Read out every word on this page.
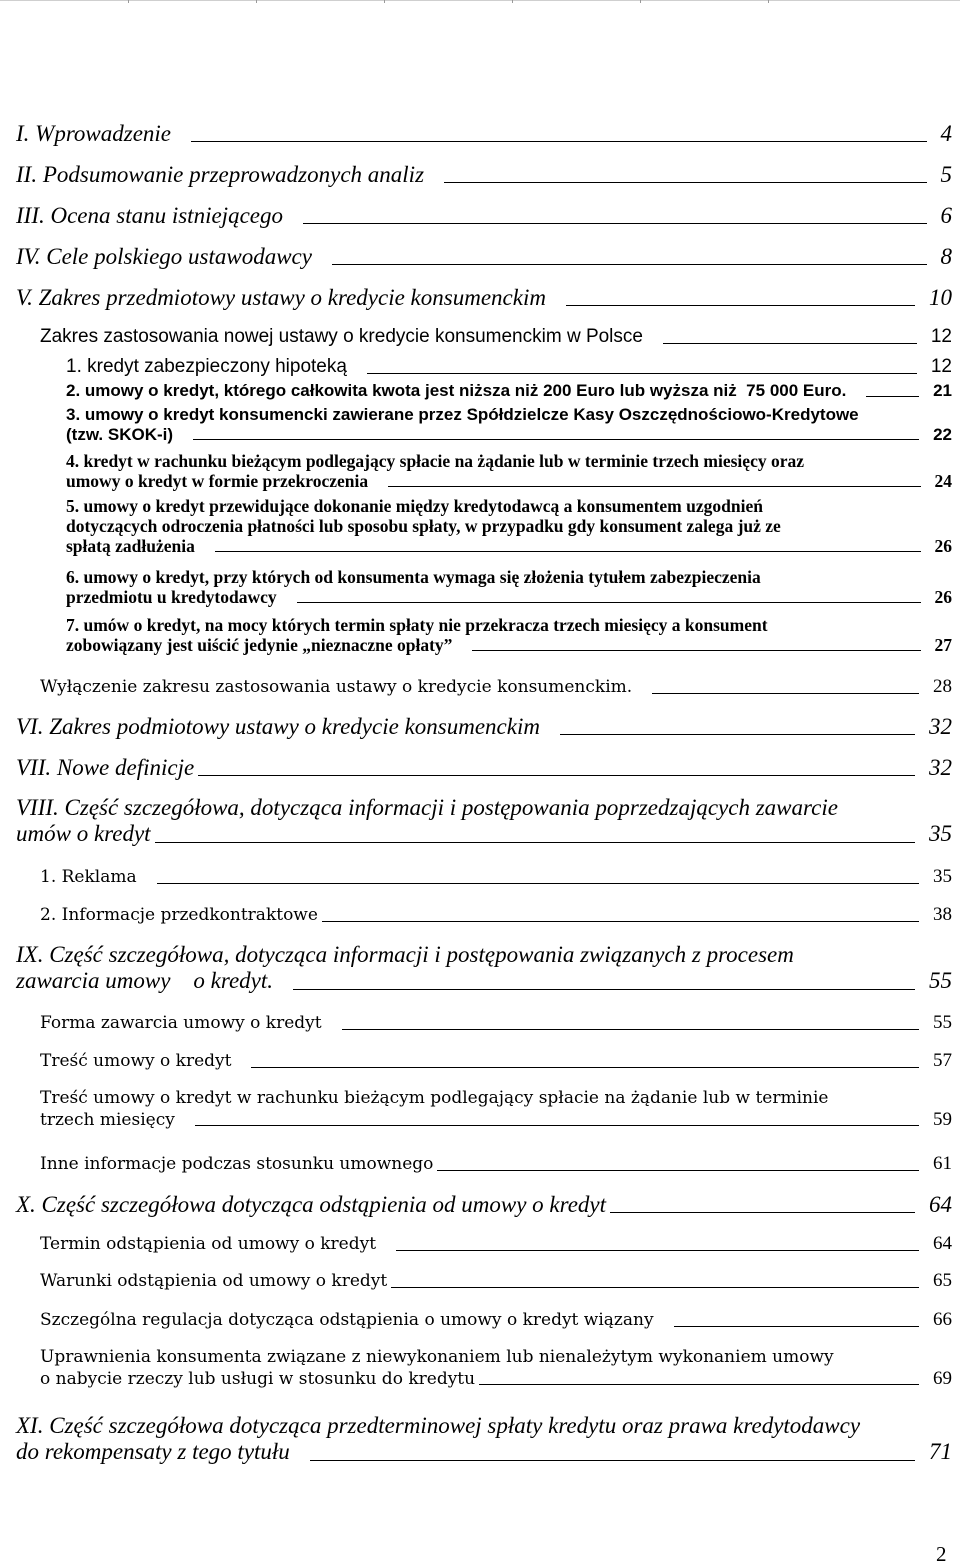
I. Wprowadzenie	4
II. Podsumowanie przeprowadzonych analiz	5
III. Ocena stanu istniejącego	6
IV. Cele polskiego ustawodawcy	8
V. Zakres przedmiotowy ustawy o kredycie konsumenckim	10
Zakres zastosowania nowej ustawy o kredycie konsumenckim w Polsce	12
1. kredyt zabezpieczony hipoteką	12
2. umowy o kredyt, którego całkowita kwota jest niższa niż 200 Euro lub wyższa niż  75 000 Euro.	21
3. umowy o kredyt konsumencki zawierane przez Spółdzielcze Kasy Oszczędnościowo-Kredytowe
(tzw. SKOK-i)	22
4. kredyt w rachunku bieżącym podlegający spłacie na żądanie lub w terminie trzech miesięcy oraz
umowy o kredyt w formie przekroczenia	24
5. umowy o kredyt przewidujące dokonanie między kredytodawcą a konsumentem uzgodnień
dotyczących odroczenia płatności lub sposobu spłaty, w przypadku gdy konsument zalega już ze
spłatą zadłużenia	26
6. umowy o kredyt, przy których od konsumenta wymaga się złożenia tytułem zabezpieczenia
przedmiotu u kredytodawcy	26
7. umów o kredyt, na mocy których termin spłaty nie przekracza trzech miesięcy a konsument
zobowiązany jest uiścić jedynie „nieznaczne opłaty”	27
Wyłączenie zakresu zastosowania ustawy o kredycie konsumenckim.	28
VI. Zakres podmiotowy ustawy o kredycie konsumenckim	32
VII. Nowe definicje	32
VIII. Część szczegółowa, dotycząca informacji i postępowania poprzedzających zawarcie
umów o kredyt	35
1. Reklama	35
2. Informacje przedkontraktowe	38
IX. Część szczegółowa, dotycząca informacji i postępowania związanych z procesem
zawarcia umowy    o kredyt.	55
Forma zawarcia umowy o kredyt	55
Treść umowy o kredyt	57
Treść umowy o kredyt w rachunku bieżącym podlegający spłacie na żądanie lub w terminie
trzech miesięcy	59
Inne informacje podczas stosunku umownego	61
X. Część szczegółowa dotycząca odstąpienia od umowy o kredyt	64
Termin odstąpienia od umowy o kredyt	64
Warunki odstąpienia od umowy o kredyt	65
Szczególna regulacja dotycząca odstąpienia o umowy o kredyt wiązany	66
Uprawnienia konsumenta związane z niewykonaniem lub nienależytym wykonaniem umowy
o nabycie rzeczy lub usługi w stosunku do kredytu	69
XI. Część szczegółowa dotycząca przedterminowej spłaty kredytu oraz prawa kredytodawcy
do rekompensaty z tego tytułu	71
2
